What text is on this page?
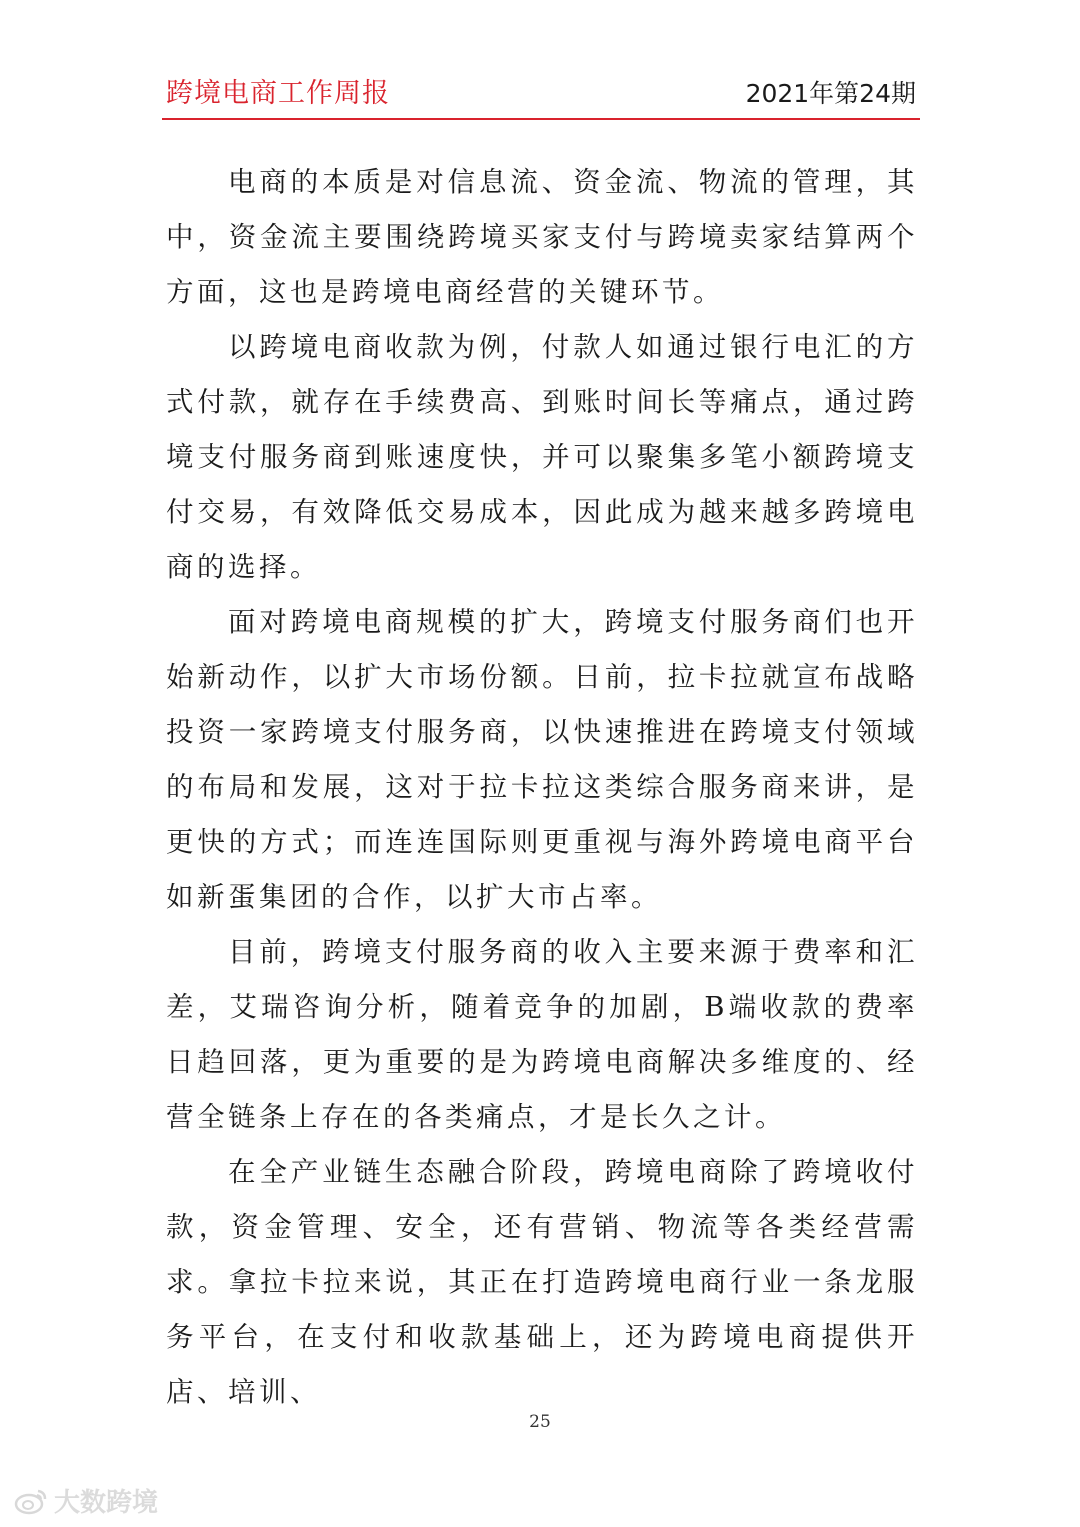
跨境电商工作周报	2021年第24期

电商的本质是对信息流、资金流、物流的管理，其中，资金流主要围绕跨境买家支付与跨境卖家结算两个方面，这也是跨境电商经营的关键环节。

以跨境电商收款为例，付款人如通过银行电汇的方式付款，就存在手续费高、到账时间长等痛点，通过跨境支付服务商到账速度快，并可以聚集多笔小额跨境支付交易，有效降低交易成本，因此成为越来越多跨境电商的选择。

面对跨境电商规模的扩大，跨境支付服务商们也开始新动作，以扩大市场份额。日前，拉卡拉就宣布战略投资一家跨境支付服务商，以快速推进在跨境支付领域的布局和发展，这对于拉卡拉这类综合服务商来讲，是更快的方式；而连连国际则更重视与海外跨境电商平台如新蛋集团的合作，以扩大市占率。

目前，跨境支付服务商的收入主要来源于费率和汇差，艾瑞咨询分析，随着竞争的加剧，B端收款的费率日趋回落，更为重要的是为跨境电商解决多维度的、经营全链条上存在的各类痛点，才是长久之计。

在全产业链生态融合阶段，跨境电商除了跨境收付款，资金管理、安全，还有营销、物流等各类经营需求。拿拉卡拉来说，其正在打造跨境电商行业一条龙服务平台，在支付和收款基础上，还为跨境电商提供开店、培训、

25
大数跨境
